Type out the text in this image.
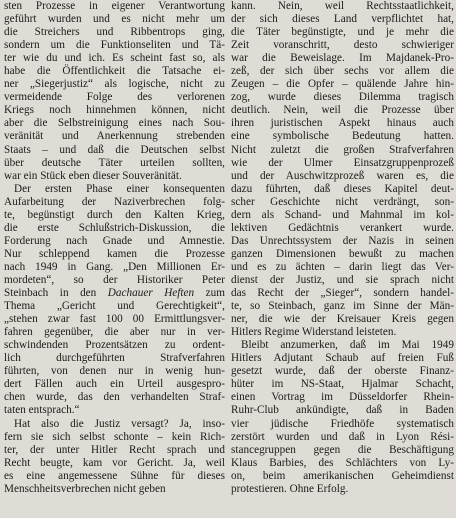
sten Prozesse in eigener Verantwortung
geführt wurden und es nicht mehr um
die Streichers und Ribbentrops ging,
sondern um die Funktionseliten und Tä-
ter wie du und ich. Es scheint fast so, als
habe die Öffentlichkeit die Tatsache ei-
ner „Siegerjustiz“ als logische, nicht zu
vermeidende Folge des verlorenen
Kriegs noch hinnehmen können, nicht
aber die Selbstreinigung eines nach Sou-
veränität und Anerkennung strebenden
Staats – und daß die Deutschen selbst
über deutsche Täter urteilen sollten,
war ein Stück eben dieser Souveränität.

Der ersten Phase einer konsequenten
Aufarbeitung der Naziverbrechen folg-
te, begünstigt durch den Kalten Krieg,
die erste Schlußstrich-Diskussion, die
Forderung nach Gnade und Amnestie.
Nur schleppend kamen die Prozesse
nach 1949 in Gang. „Den Millionen Er-
mordeten“, so der Historiker Peter
Steinbach in den Dachauer Heften zum
Thema „Gericht und Gerechtigkeit“,
„stehen zwar fast 100 00 Ermittlungsver-
fahren gegenüber, die aber nur in ver-
schwindenden Prozentsätzen zu ordent-
lich durchgeführten Strafverfahren
führten, von denen nur in wenig hun-
dert Fällen auch ein Urteil ausgespro-
chen wurde, das den verhandelten Straf-
taten entsprach.“

Hat also die Justiz versagt? Ja, inso-
fern sie sich selbst schonte – kein Rich-
ter, der unter Hitler Recht sprach und
Recht beugte, kam vor Gericht. Ja, weil
es eine angemessene Sühne für dieses
Menschheitsverbrechen nicht geben

kann. Nein, weil Rechtsstaatlichkeit,
der sich dieses Land verpflichtet hat,
die Täter begünstigte, und je mehr die
Zeit voranschritt, desto schwieriger
war die Beweislage. Im Majdanek-Pro-
zeß, der sich über sechs vor allem die
Zeugen – die Opfer – quälende Jahre hin-
zog, wurde dieses Dilemma tragisch
deutlich. Nein, weil die Prozesse über
ihren juristischen Aspekt hinaus auch
eine symbolische Bedeutung hatten.
Nicht zuletzt die großen Strafverfahren
wie der Ulmer Einsatzgruppenprozeß
und der Auschwitzprozeß waren es, die
dazu führten, daß dieses Kapitel deut-
scher Geschichte nicht verdrängt, son-
dern als Schand- und Mahnmal im kol-
lektiven Gedächtnis verankert wurde.
Das Unrechtssystem der Nazis in seinen
ganzen Dimensionen bewußt zu machen
und es zu ächten – darin liegt das Ver-
dienst der Justiz, und sie sprach nicht
das Recht der „Sieger“, sondern handel-
te, so Steinbach, ganz im Sinne der Män-
ner, die wie der Kreisauer Kreis gegen
Hitlers Regime Widerstand leisteten.

Bleibt anzumerken, daß im Mai 1949
Hitlers Adjutant Schaub auf freien Fuß
gesetzt wurde, daß der oberste Finanz-
hüter im NS-Staat, Hjalmar Schacht,
einen Vortrag im Düsseldorfer Rhein-
Ruhr-Club ankündigte, daß in Baden
vier jüdische Friedhöfe systematisch
zerstört wurden und daß in Lyon Rési-
stancegruppen gegen die Beschäftigung
Klaus Barbies, des Schlächters von Ly-
on, beim amerikanischen Geheimdienst
protestieren. Ohne Erfolg.
